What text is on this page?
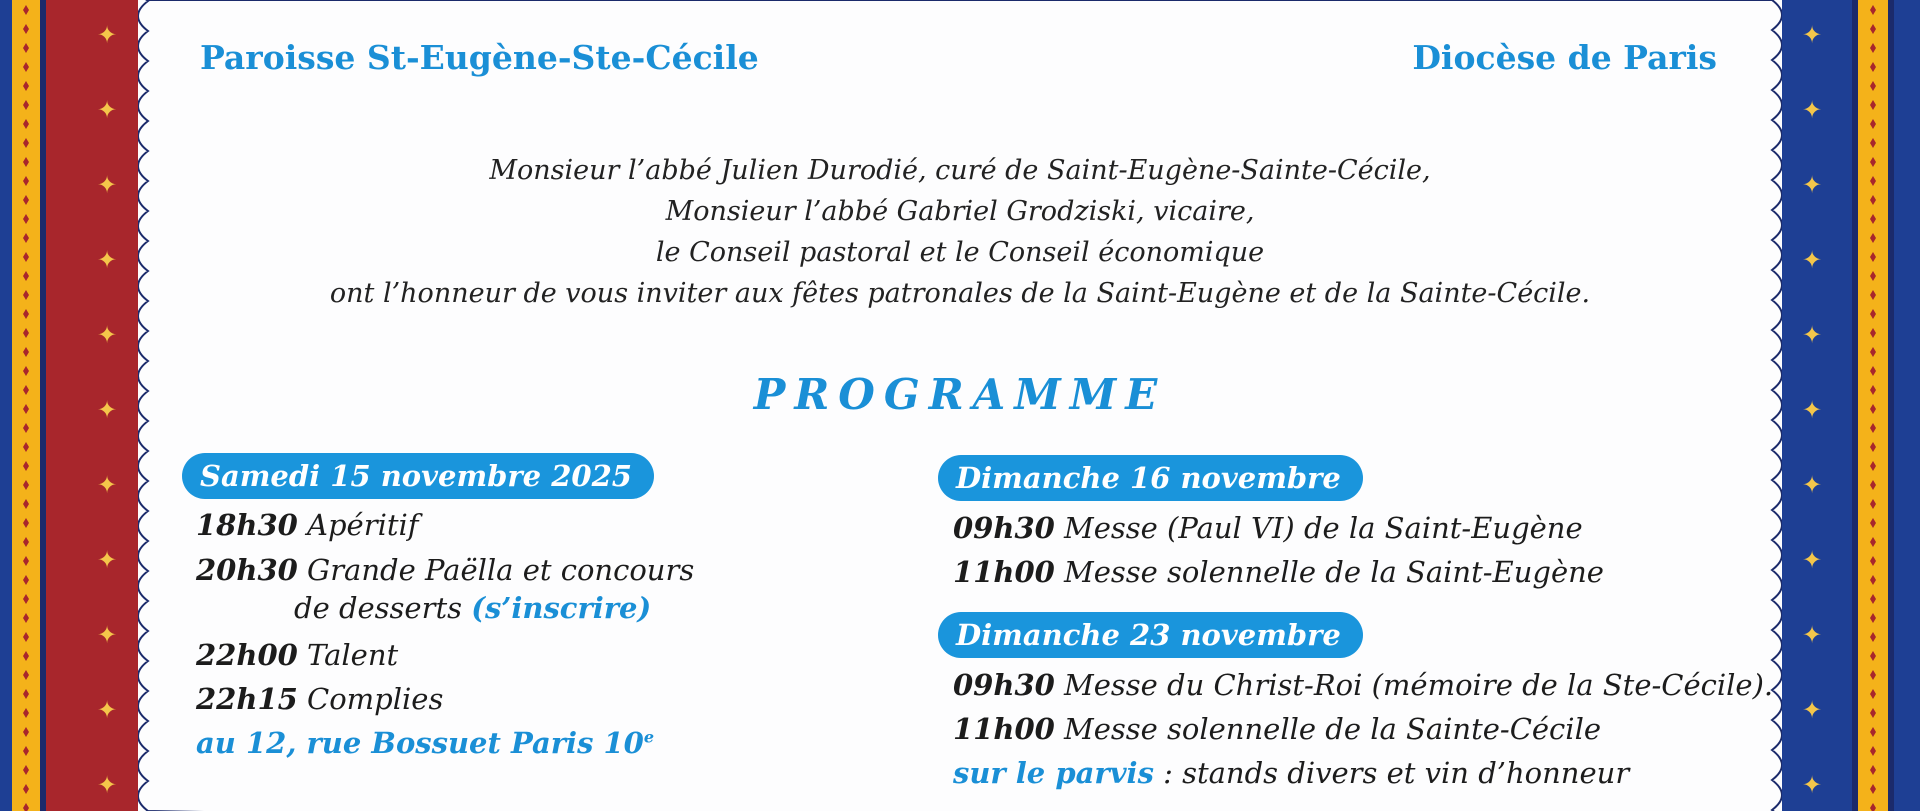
✦
✦
✦
✦
✦
✦
✦
✦
✦
✦
✦
✦
✦
✦
✦
✦
✦
✦
✦
✦
✦
✦
Paroisse St-Eugène-Ste-Cécile	Diocèse de Paris
Monsieur l’abbé Julien Durodié, curé de Saint-Eugène-Sainte-Cécile,
Monsieur l’abbé Gabriel Grodziski, vicaire,
le Conseil pastoral et le Conseil économique
ont l’honneur de vous inviter aux fêtes patronales de la Saint-Eugène et de la Sainte-Cécile.
PROGRAMME
Samedi 15 novembre 2025
18h30 Apéritif
20h30 Grande Paëlla et concours
de desserts (s’inscrire)
22h00 Talent
22h15 Complies
au 12, rue Bossuet Paris 10e
Dimanche 16 novembre
09h30 Messe (Paul VI) de la Saint-Eugène
11h00 Messe solennelle de la Saint-Eugène
Dimanche 23 novembre
09h30 Messe du Christ-Roi (mémoire de la Ste-Cécile).
11h00 Messe solennelle de la Sainte-Cécile
sur le parvis : stands divers et vin d’honneur
